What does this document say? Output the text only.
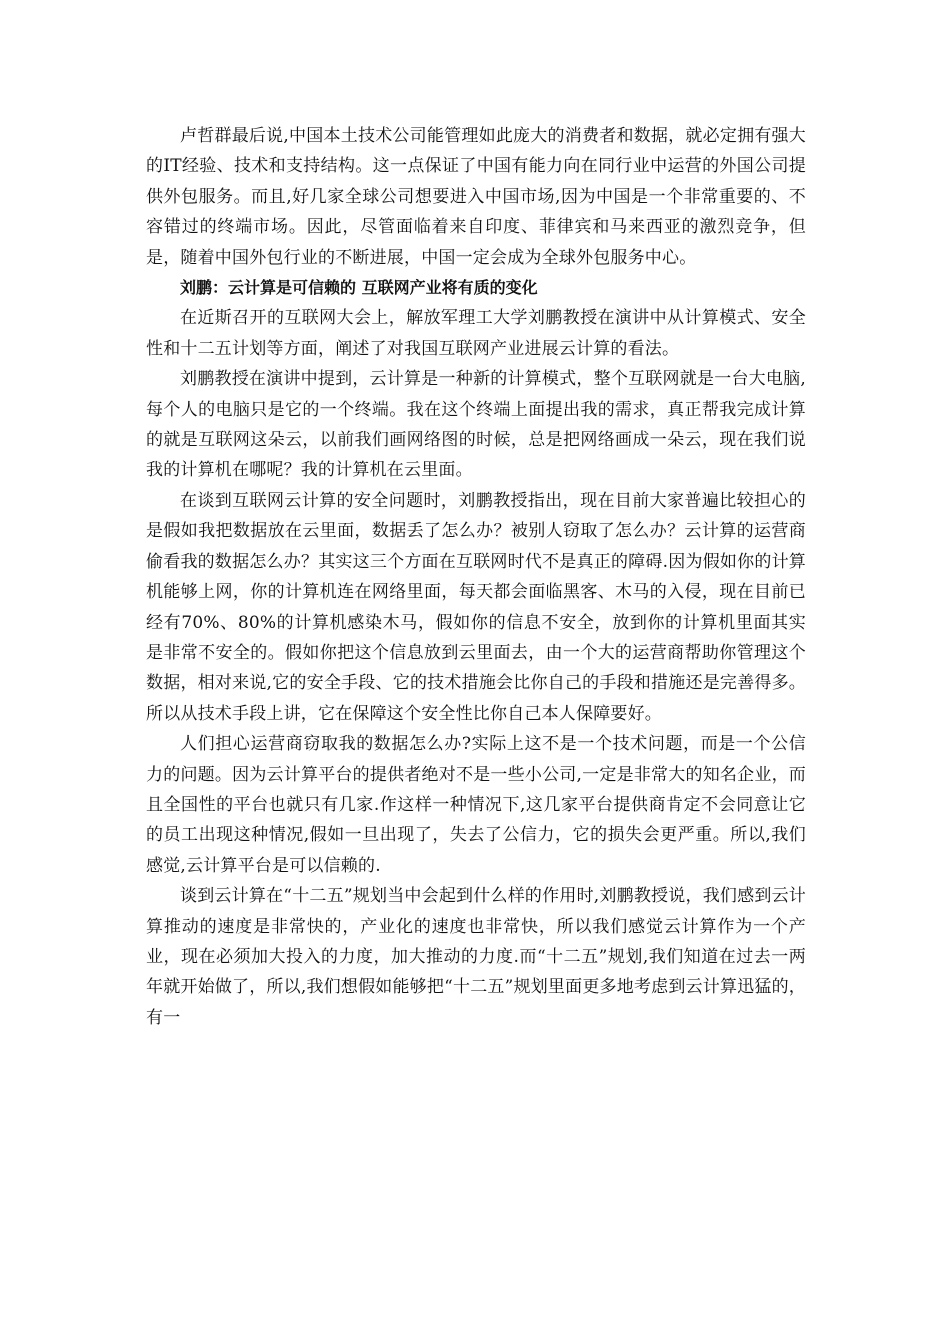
卢哲群最后说,中国本土技术公司能管理如此庞大的消费者和数据，就必定拥有强大的IT经验、技术和支持结构。这一点保证了中国有能力向在同行业中运营的外国公司提供外包服务。而且,好几家全球公司想要进入中国市场,因为中国是一个非常重要的、不容错过的终端市场。因此，尽管面临着来自印度、菲律宾和马来西亚的激烈竞争，但是，随着中国外包行业的不断进展，中国一定会成为全球外包服务中心。

刘鹏：云计算是可信赖的 互联网产业将有质的变化

在近斯召开的互联网大会上，解放军理工大学刘鹏教授在演讲中从计算模式、安全性和十二五计划等方面，阐述了对我国互联网产业进展云计算的看法。

刘鹏教授在演讲中提到，云计算是一种新的计算模式，整个互联网就是一台大电脑,每个人的电脑只是它的一个终端。我在这个终端上面提出我的需求，真正帮我完成计算的就是互联网这朵云，以前我们画网络图的时候，总是把网络画成一朵云，现在我们说我的计算机在哪呢？我的计算机在云里面。

在谈到互联网云计算的安全问题时，刘鹏教授指出，现在目前大家普遍比较担心的是假如我把数据放在云里面，数据丢了怎么办？被别人窃取了怎么办？云计算的运营商偷看我的数据怎么办？其实这三个方面在互联网时代不是真正的障碍.因为假如你的计算机能够上网，你的计算机连在网络里面，每天都会面临黑客、木马的入侵，现在目前已经有70%、80%的计算机感染木马，假如你的信息不安全，放到你的计算机里面其实是非常不安全的。假如你把这个信息放到云里面去，由一个大的运营商帮助你管理这个数据，相对来说,它的安全手段、它的技术措施会比你自己的手段和措施还是完善得多。所以从技术手段上讲，它在保障这个安全性比你自己本人保障要好。

人们担心运营商窃取我的数据怎么办?实际上这不是一个技术问题，而是一个公信力的问题。因为云计算平台的提供者绝对不是一些小公司,一定是非常大的知名企业，而且全国性的平台也就只有几家.作这样一种情况下,这几家平台提供商肯定不会同意让它的员工出现这种情况,假如一旦出现了，失去了公信力，它的损失会更严重。所以,我们感觉,云计算平台是可以信赖的.

谈到云计算在“十二五”规划当中会起到什么样的作用时,刘鹏教授说，我们感到云计算推动的速度是非常快的，产业化的速度也非常快，所以我们感觉云计算作为一个产业，现在必须加大投入的力度，加大推动的力度.而“十二五”规划,我们知道在过去一两年就开始做了，所以,我们想假如能够把“十二五”规划里面更多地考虑到云计算迅猛的，有一
